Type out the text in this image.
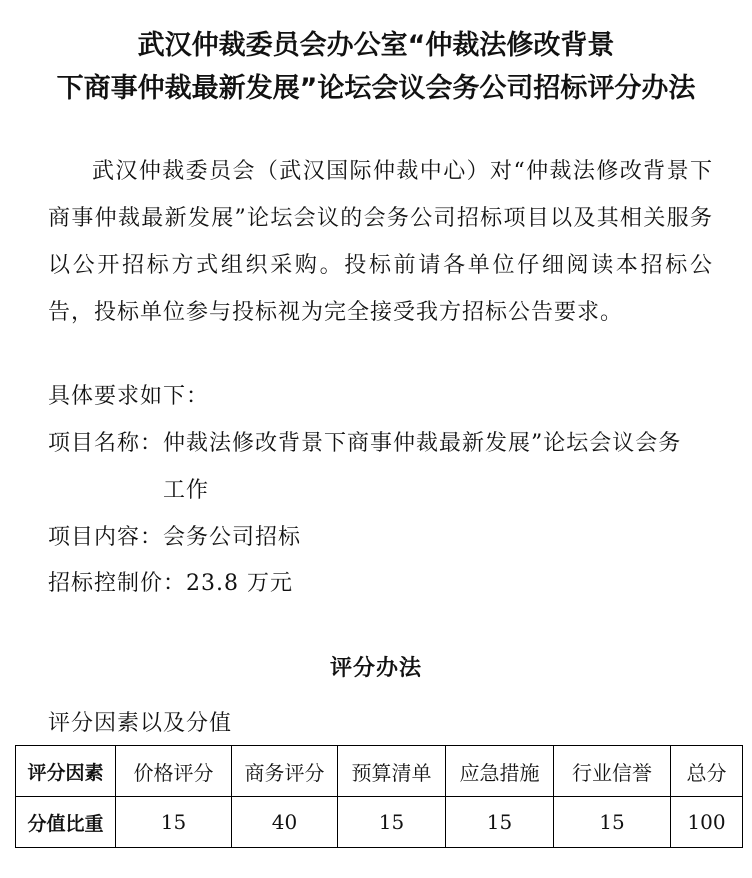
武汉仲裁委员会办公室“仲裁法修改背景
下商事仲裁最新发展”论坛会议会务公司招标评分办法
武汉仲裁委员会（武汉国际仲裁中心）对“仲裁法修改背景下商事仲裁最新发展”论坛会议的会务公司招标项目以及其相关服务以公开招标方式组织采购。投标前请各单位仔细阅读本招标公告，投标单位参与投标视为完全接受我方招标公告要求。
具体要求如下：
项目名称：仲裁法修改背景下商事仲裁最新发展”论坛会议会务工作
项目内容：会务公司招标
招标控制价：23.8 万元
评分办法
评分因素以及分值
评分因素	价格评分	商务评分	预算清单	应急措施	行业信誉	总分
分值比重	15	40	15	15	15	100
